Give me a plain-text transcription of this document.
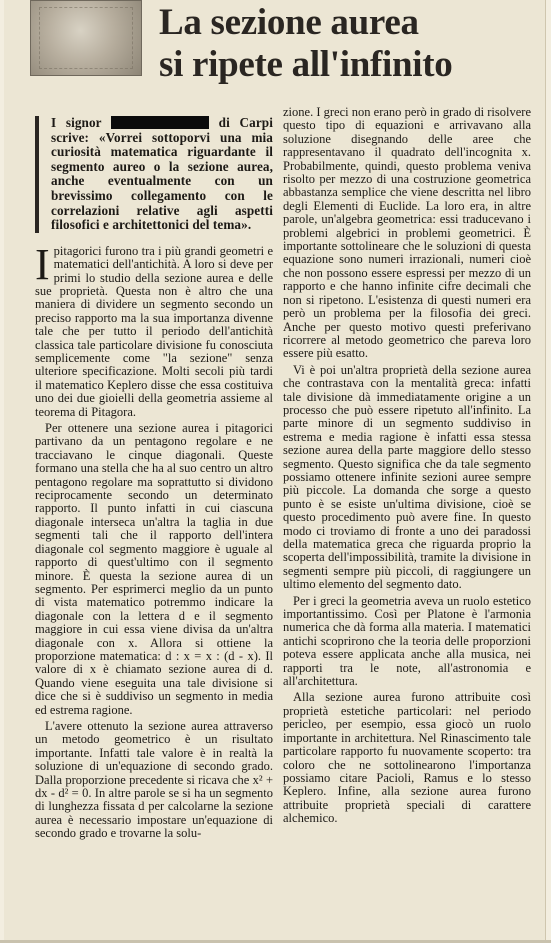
La sezione aurea
si ripete all'infinito
I signor	di Carpi scrive: «Vorrei sottoporvi una mia curiosità matematica riguardante il segmento aureo o la sezione aurea, anche eventualmente con un brevissimo collegamento con le correlazioni relative agli aspetti filosofici e architettonici del tema».

Ipitagorici furono tra i più grandi geometri e matematici dell'antichità. A loro si deve per primi lo studio della sezione aurea e delle sue proprietà. Questa non è altro che una maniera di dividere un segmento secondo un preciso rapporto ma la sua importanza divenne tale che per tutto il periodo dell'antichità classica tale particolare divisione fu conosciuta semplicemente come "la sezione" senza ulteriore specificazione. Molti secoli più tardi il matematico Keplero disse che essa costituiva uno dei due gioielli della geometria assieme al teorema di Pitagora.

Per ottenere una sezione aurea i pitagorici partivano da un pentagono regolare e ne tracciavano le cinque diagonali. Queste formano una stella che ha al suo centro un altro pentagono regolare ma soprattutto si dividono reciprocamente secondo un determinato rapporto. Il punto infatti in cui ciascuna diagonale interseca un'altra la taglia in due segmenti tali che il rapporto dell'intera diagonale col segmento maggiore è uguale al rapporto di quest'ultimo con il segmento minore. È questa la sezione aurea di un segmento. Per esprimerci meglio da un punto di vista matematico potremmo indicare la diagonale con la lettera d e il segmento maggiore in cui essa viene divisa da un'altra diagonale con x. Allora si ottiene la proporzione matematica: d : x = x : (d - x). Il valore di x è chiamato sezione aurea di d. Quando viene eseguita una tale divisione si dice che si è suddiviso un segmento in media ed estrema ragione.

L'avere ottenuto la sezione aurea attraverso un metodo geometrico è un risultato importante. Infatti tale valore è in realtà la soluzione di un'equazione di secondo grado. Dalla proporzione precedente si ricava che x² + dx - d² = 0. In altre parole se si ha un segmento di lunghezza fissata d per calcolarne la sezione aurea è necessario impostare un'equazione di secondo grado e trovarne la solu-

zione. I greci non erano però in grado di risolvere questo tipo di equazioni e arrivavano alla soluzione disegnando delle aree che rappresentavano il quadrato dell'incognita x. Probabilmente, quindi, questo problema veniva risolto per mezzo di una costruzione geometrica abbastanza semplice che viene descritta nel libro degli Elementi di Euclide. La loro era, in altre parole, un'algebra geometrica: essi traducevano i problemi algebrici in problemi geometrici. È importante sottolineare che le soluzioni di questa equazione sono numeri irrazionali, numeri cioè che non possono essere espressi per mezzo di un rapporto e che hanno infinite cifre decimali che non si ripetono. L'esistenza di questi numeri era però un problema per la filosofia dei greci. Anche per questo motivo questi preferivano ricorrere al metodo geometrico che pareva loro essere più esatto.

Vi è poi un'altra proprietà della sezione aurea che contrastava con la mentalità greca: infatti tale divisione dà immediatamente origine a un processo che può essere ripetuto all'infinito. La parte minore di un segmento suddiviso in estrema e media ragione è infatti essa stessa sezione aurea della parte maggiore dello stesso segmento. Questo significa che da tale segmento possiamo ottenere infinite sezioni auree sempre più piccole. La domanda che sorge a questo punto è se esiste un'ultima divisione, cioè se questo procedimento può avere fine. In questo modo ci troviamo di fronte a uno dei paradossi della matematica greca che riguarda proprio la scoperta dell'impossibilità, tramite la divisione in segmenti sempre più piccoli, di raggiungere un ultimo elemento del segmento dato.

Per i greci la geometria aveva un ruolo estetico importantissimo. Così per Platone è l'armonia numerica che dà forma alla materia. I matematici antichi scoprirono che la teoria delle proporzioni poteva essere applicata anche alla musica, nei rapporti tra le note, all'astronomia e all'architettura.

Alla sezione aurea furono attribuite così proprietà estetiche particolari: nel periodo pericleo, per esempio, essa giocò un ruolo importante in architettura. Nel Rinascimento tale particolare rapporto fu nuovamente scoperto: tra coloro che ne sottolinearono l'importanza possiamo citare Pacioli, Ramus e lo stesso Keplero. Infine, alla sezione aurea furono attribuite proprietà speciali di carattere alchemico.
